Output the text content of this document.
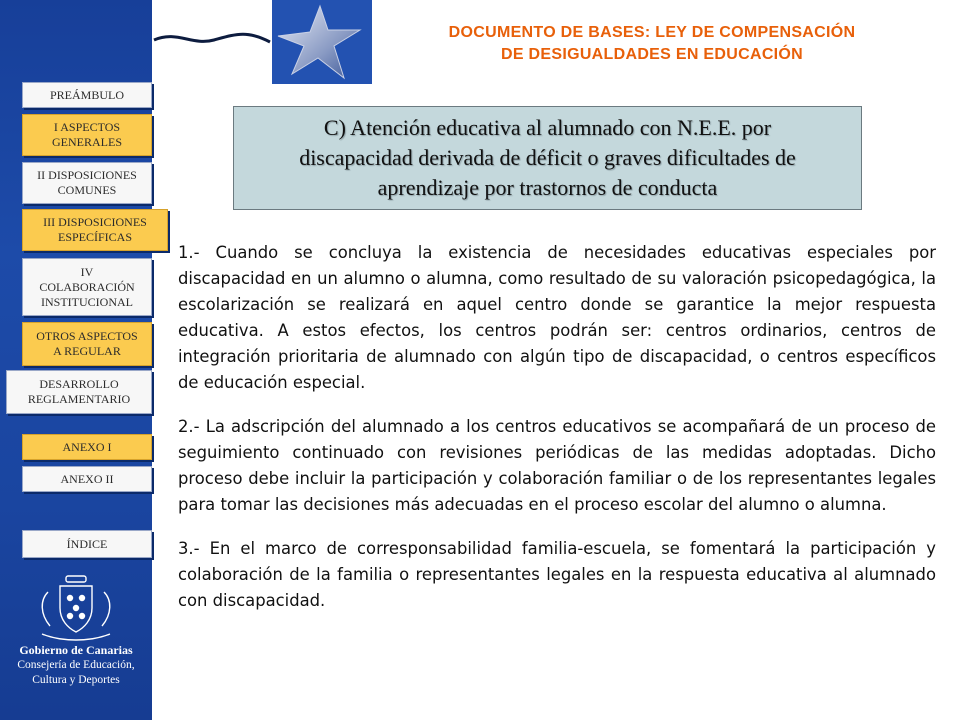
DOCUMENTO DE BASES: LEY DE COMPENSACIÓN
DE DESIGUALDADES EN EDUCACIÓN
PREÁMBULO
I ASPECTOS
GENERALES
II DISPOSICIONES
COMUNES
III DISPOSICIONES
ESPECÍFICAS
IV
COLABORACIÓN
INSTITUCIONAL
OTROS ASPECTOS
A REGULAR
DESARROLLO
REGLAMENTARIO
ANEXO I
ANEXO II
ÍNDICE
C) Atención educativa al alumnado con N.E.E. por
discapacidad derivada de déficit o graves dificultades de
aprendizaje por trastornos de conducta

1.- Cuando se concluya la existencia de necesidades educativas especiales por discapacidad en un alumno o alumna, como resultado de su valoración psicopedagógica, la escolarización se realizará en aquel centro donde se garantice la mejor respuesta educativa. A estos efectos, los centros podrán ser: centros ordinarios, centros de integración prioritaria de alumnado con algún tipo de discapacidad, o centros específicos de educación especial.

2.- La adscripción del alumnado a los centros educativos se acompañará de un proceso de seguimiento continuado con revisiones periódicas de las medidas adoptadas. Dicho proceso debe incluir la participación y colaboración familiar o de los representantes legales para tomar las decisiones más adecuadas en el proceso escolar del alumno o alumna.

3.- En el marco de corresponsabilidad familia-escuela, se fomentará la participación y colaboración de la familia o representantes legales en la respuesta educativa al alumnado con discapacidad.

Gobierno de Canarias
Consejería de Educación,
Cultura y Deportes
